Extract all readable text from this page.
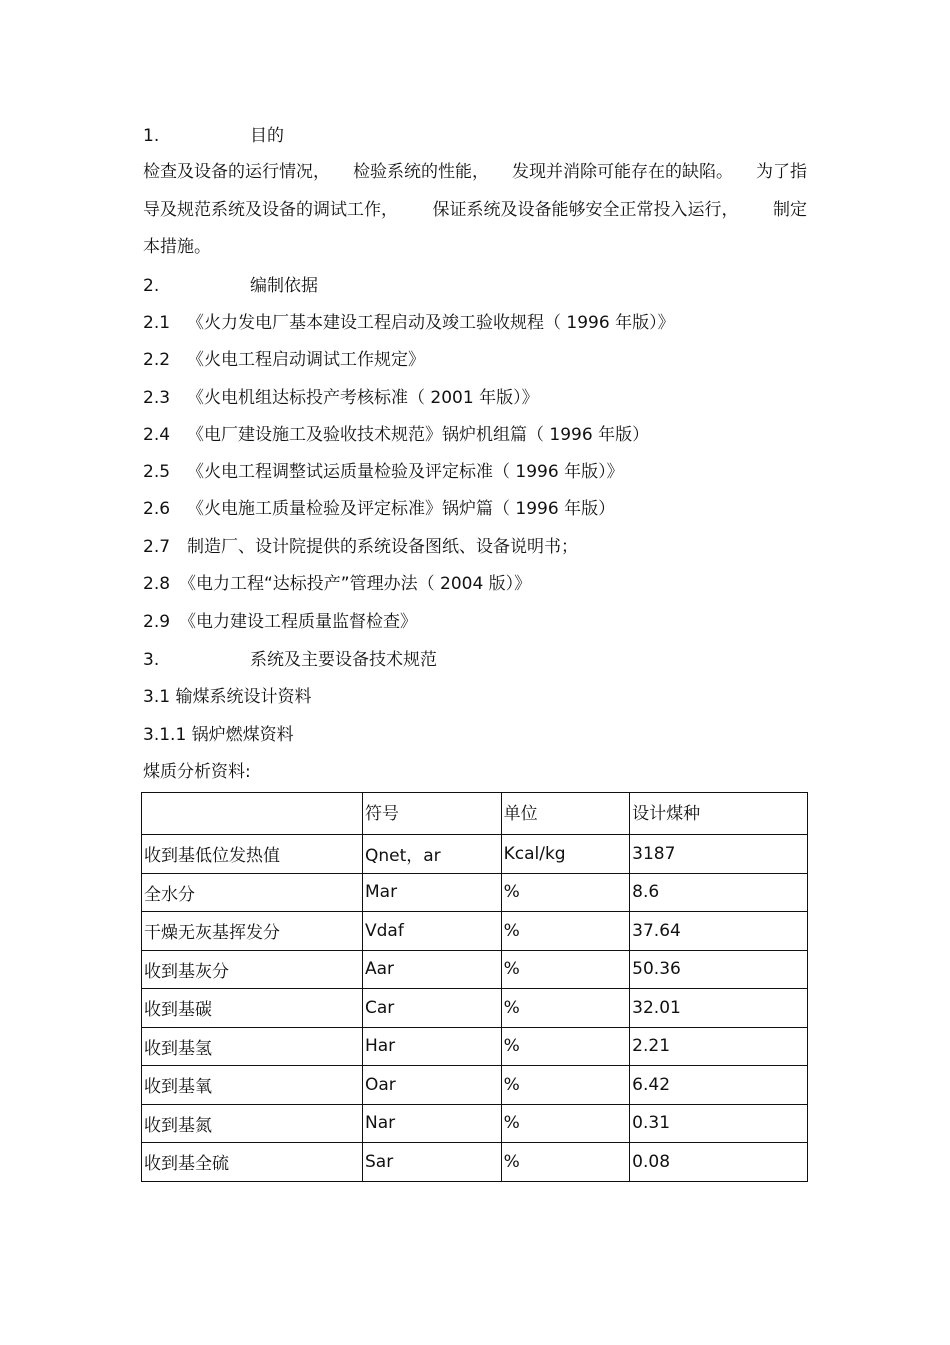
1.	目的
检查及设备的运行情况， 检验系统的性能， 发现并消除可能存在的缺陷。 为了指
导及规范系统及设备的调试工作， 保证系统及设备能够安全正常投入运行， 制定
本措施。
2.	编制依据
2.1 《火力发电厂基本建设工程启动及竣工验收规程（ 1996 年版）》
2.2 《火电工程启动调试工作规定》
2.3 《火电机组达标投产考核标准（ 2001 年版）》
2.4 《电厂建设施工及验收技术规范》锅炉机组篇（ 1996 年版）
2.5 《火电工程调整试运质量检验及评定标准（ 1996 年版）》
2.6 《火电施工质量检验及评定标准》锅炉篇（ 1996 年版）
2.7 制造厂、设计院提供的系统设备图纸、设备说明书；
2.8 《电力工程“达标投产”管理办法（ 2004 版）》
2.9 《电力建设工程质量监督检查》
3.	系统及主要设备技术规范
3.1 输煤系统设计资料
3.1.1 锅炉燃煤资料
煤质分析资料:
	符号	单位	设计煤种
收到基低位发热值	Qnet，ar	Kcal/kg	3187
全水分	Mar	%	8.6
干燥无灰基挥发分	Vdaf	%	37.64
收到基灰分	Aar	%	50.36
收到基碳	Car	%	32.01
收到基氢	Har	%	2.21
收到基氧	Oar	%	6.42
收到基氮	Nar	%	0.31
收到基全硫	Sar	%	0.08
